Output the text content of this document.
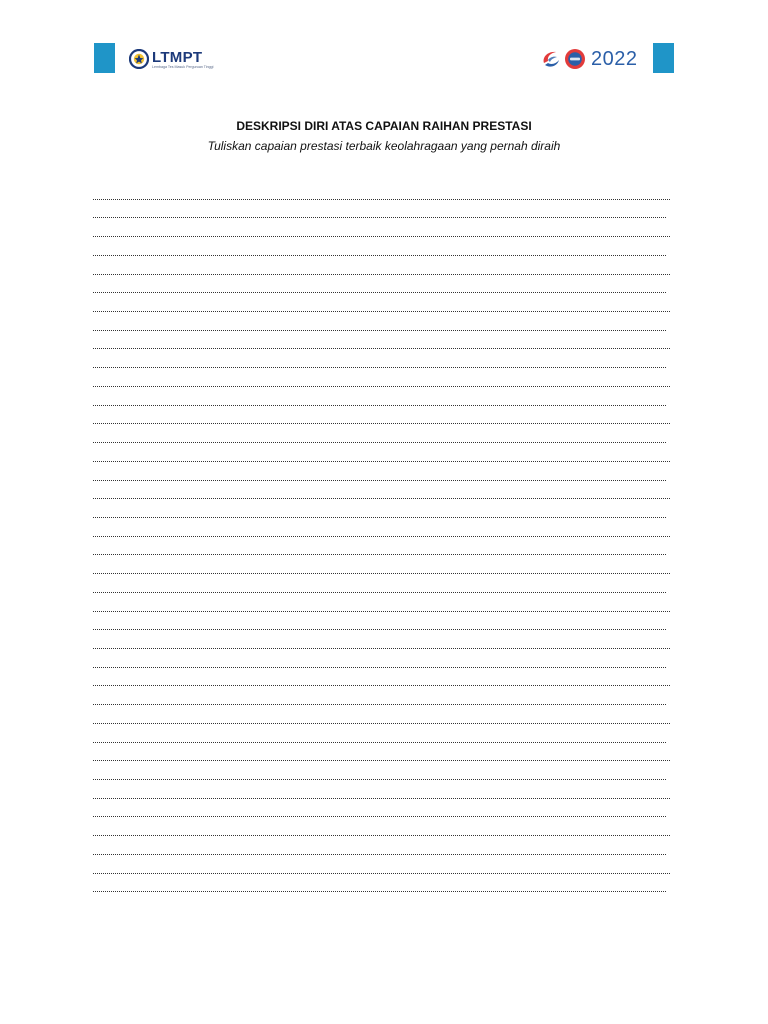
LTMPT
Lembaga Tes Masuk Perguruan Tinggi	2022
DESKRIPSI DIRI ATAS CAPAIAN RAIHAN PRESTASI
Tuliskan capaian prestasi terbaik keolahragaan yang pernah diraih
